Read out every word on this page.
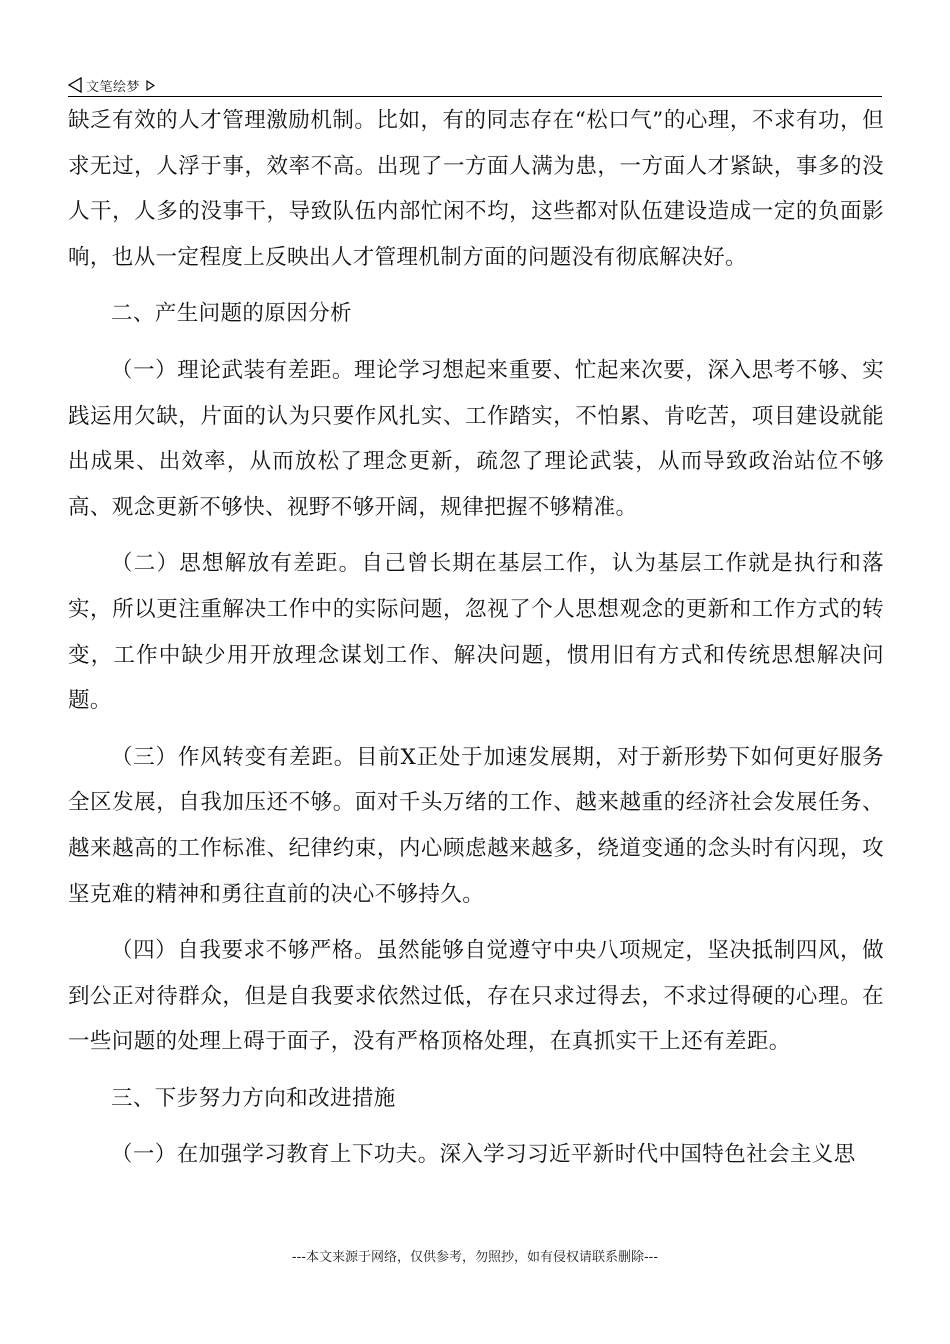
文笔绘梦

缺乏有效的人才管理激励机制。比如，有的同志存在“松口气”的心理，不求有功，但求无过，人浮于事，效率不高。出现了一方面人满为患，一方面人才紧缺，事多的没人干，人多的没事干，导致队伍内部忙闲不均，这些都对队伍建设造成一定的负面影响，也从一定程度上反映出人才管理机制方面的问题没有彻底解决好。

二、产生问题的原因分析

（一）理论武装有差距。理论学习想起来重要、忙起来次要，深入思考不够、实践运用欠缺，片面的认为只要作风扎实、工作踏实，不怕累、肯吃苦，项目建设就能出成果、出效率，从而放松了理念更新，疏忽了理论武装，从而导致政治站位不够高、观念更新不够快、视野不够开阔，规律把握不够精准。

（二）思想解放有差距。自己曾长期在基层工作，认为基层工作就是执行和落实，所以更注重解决工作中的实际问题，忽视了个人思想观念的更新和工作方式的转变，工作中缺少用开放理念谋划工作、解决问题，惯用旧有方式和传统思想解决问题。

（三）作风转变有差距。目前X正处于加速发展期，对于新形势下如何更好服务全区发展，自我加压还不够。面对千头万绪的工作、越来越重的经济社会发展任务、越来越高的工作标准、纪律约束，内心顾虑越来越多，绕道变通的念头时有闪现，攻坚克难的精神和勇往直前的决心不够持久。

（四）自我要求不够严格。虽然能够自觉遵守中央八项规定，坚决抵制四风，做到公正对待群众，但是自我要求依然过低，存在只求过得去，不求过得硬的心理。在一些问题的处理上碍于面子，没有严格顶格处理，在真抓实干上还有差距。

三、下步努力方向和改进措施

（一）在加强学习教育上下功夫。深入学习习近平新时代中国特色社会主义思

---本文来源于网络，仅供参考，勿照抄，如有侵权请联系删除---
